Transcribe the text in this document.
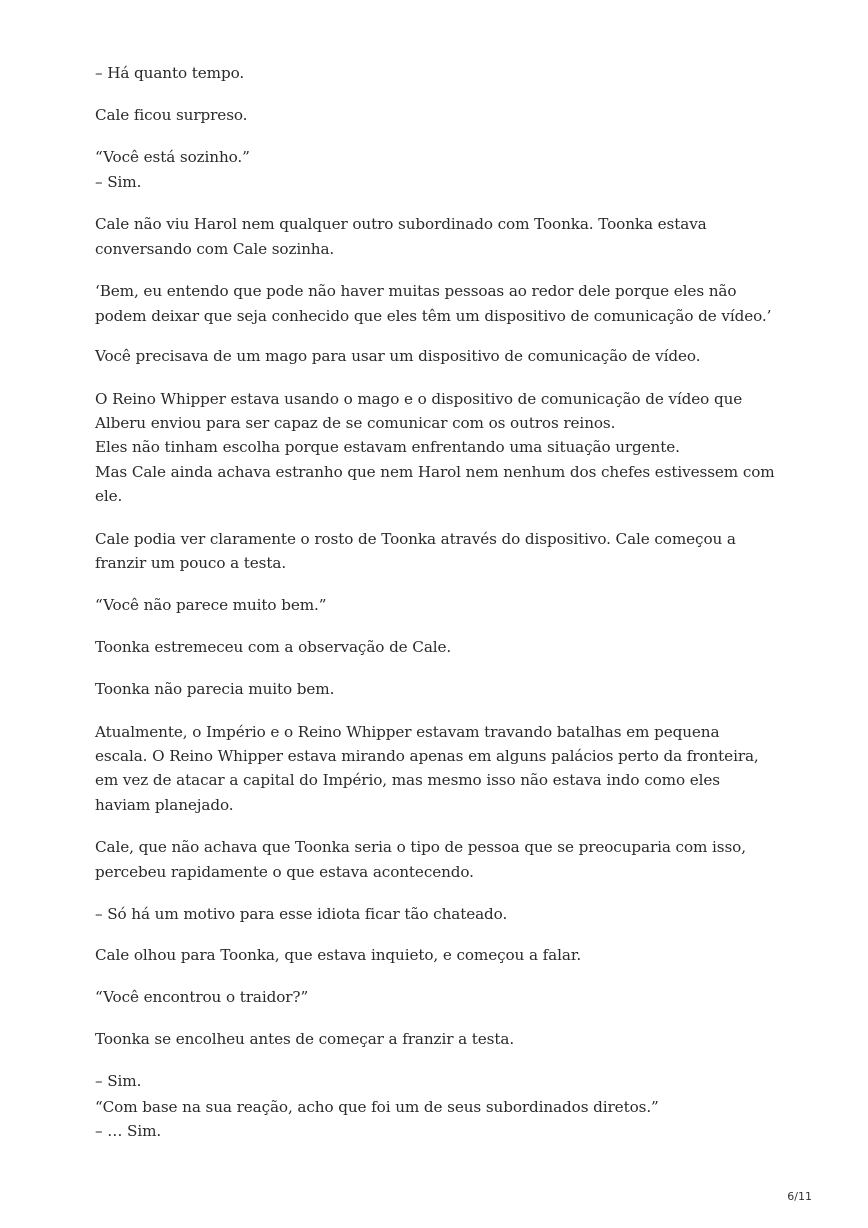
– Há quanto tempo.
Cale ficou surpreso.
“Você está sozinho.”
– Sim.
Cale não viu Harol nem qualquer outro subordinado com Toonka. Toonka estava
conversando com Cale sozinha.
‘Bem, eu entendo que pode não haver muitas pessoas ao redor dele porque eles não
podem deixar que seja conhecido que eles têm um dispositivo de comunicação de vídeo.’
Você precisava de um mago para usar um dispositivo de comunicação de vídeo.
O Reino Whipper estava usando o mago e o dispositivo de comunicação de vídeo que
Alberu enviou para ser capaz de se comunicar com os outros reinos.
Eles não tinham escolha porque estavam enfrentando uma situação urgente.
Mas Cale ainda achava estranho que nem Harol nem nenhum dos chefes estivessem com
ele.
Cale podia ver claramente o rosto de Toonka através do dispositivo. Cale começou a
franzir um pouco a testa.
“Você não parece muito bem.”
Toonka estremeceu com a observação de Cale.
Toonka não parecia muito bem.
Atualmente, o Império e o Reino Whipper estavam travando batalhas em pequena
escala. O Reino Whipper estava mirando apenas em alguns palácios perto da fronteira,
em vez de atacar a capital do Império, mas mesmo isso não estava indo como eles
haviam planejado.
Cale, que não achava que Toonka seria o tipo de pessoa que se preocuparia com isso,
percebeu rapidamente o que estava acontecendo.
– Só há um motivo para esse idiota ficar tão chateado.
Cale olhou para Toonka, que estava inquieto, e começou a falar.
“Você encontrou o traidor?”
Toonka se encolheu antes de começar a franzir a testa.
– Sim.
“Com base na sua reação, acho que foi um de seus subordinados diretos.”
– … Sim.
6/11
